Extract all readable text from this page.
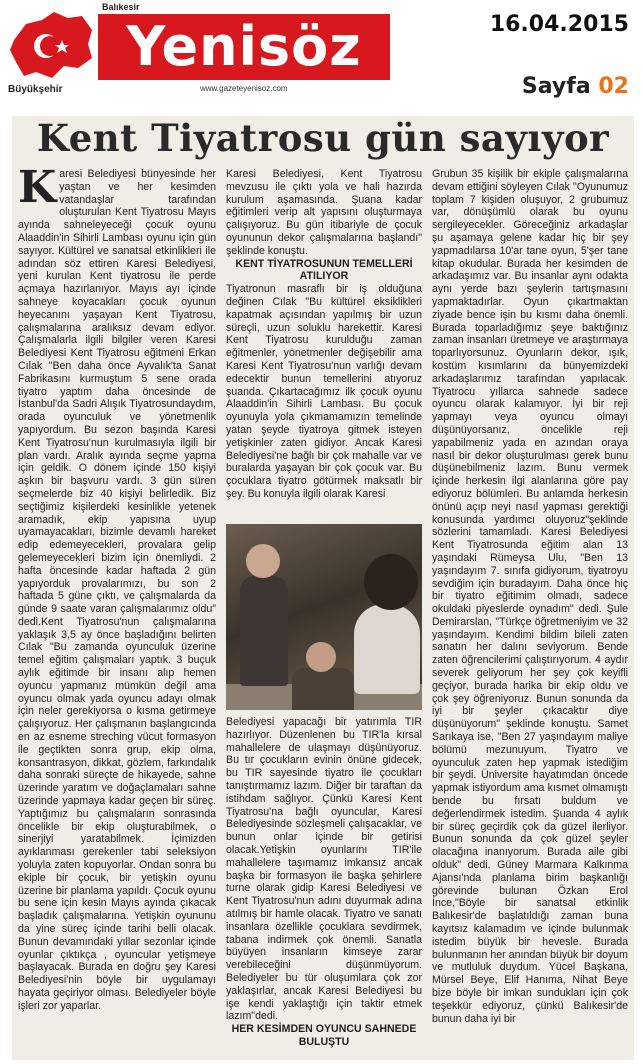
Balıkesir
Yenisöz
Büyükşehir	www.gazeteyenisoz.com
16.04.2015
Sayfa 02
Kent Tiyatrosu gün sayıyor

Karesi Belediyesi bünyesinde her yaştan ve her kesimden vatandaşlar tarafından oluşturulan Kent Tiyatrosu Mayıs ayında sahneleyeceği çocuk oyunu Alaaddin'in Sihirli Lambası oyunu için gün sayıyor. Kültürel ve sanatsal etkinlikleri ile adından söz ettiren Karesi Belediyesi, yeni kurulan Kent tiyatrosu ile perde açmaya hazırlanıyor. Mayıs ayı içinde sahneye koyacakları çocuk oyunun heyecanını yaşayan Kent Tiyatrosu, çalışmalarına aralıksız devam ediyor. Çalışmalarla ilgili bilgiler veren Karesi Belediyesi Kent Tiyatrosu eğitmeni Erkan Cılak "Ben daha önce Ayvalık'ta Sanat Fabrikasını kurmuştum 5 sene orada tiyatro yaptım daha öncesinde de İstanbul'da Sadri Alışık Tiyatrosundaydım, orada oyunculuk ve yönetmenlik yapıyordum. Bu sezon başında Karesi Kent Tiyatrosu'nun kurulmasıyla ilgili bir plan vardı. Aralık ayında seçme yapma için geldik. O dönem içinde 150 kişiyi aşkın bir başvuru vardı. 3 gün süren seçmelerde biz 40 kişiyi belirledik. Biz seçtiğimiz kişilerdeki kesinlikle yetenek aramadık, ekip yapısına uyup uyamayacakları, bizimle devamlı hareket edip edemeyecekleri, provalara gelip gelemeyecekleri bizim için önemliydi. 2 hafta öncesinde kadar haftada 2 gün yapıyorduk provalarımızı, bu son 2 haftada 5 güne çıktı, ve çalışmalarda da günde 9 saate varan çalışmalarımız oldu" dedi.Kent Tiyatrosu'nun çalışmalarına yaklaşık 3,5 ay önce başladığını belirten Cılak "Bu zamanda oyunculuk üzerine temel eğitim çalışmaları yaptık. 3 buçuk aylık eğitimde bir insanı alıp hemen oyuncu yapmanız mümkün değil ama oyuncu olmak yada oyuncu adayı olmak için neler gerekiyorsa o kısma getirmeye çalışıyoruz. Her çalışmanın başlangıcında en az esneme streching vücut formasyon ile geçtikten sonra grup, ekip olma, konsantrasyon, dikkat, gözlem, farkındalık daha sonraki süreçte de hikayede, sahne üzerinde yaratım ve doğaçlamaları sahne üzerinde yapmaya kadar geçen bir süreç. Yaptığımız bu çalışmaların sonrasında öncelikle bir ekip oluşturabilmek, o sinerjiyi yaratabilmek. İçimizden ayıklanması gerekenler tabi seleksiyon yoluyla zaten kopuyorlar. Ondan sonra bu ekiple bir çocuk, bir yetişkin oyunu üzerine bir planlama yapıldı. Çocuk oyunu bu sene için kesin Mayıs ayında çıkacak başladık çalışmalarına. Yetişkin oyununu da yine süreç içinde tarihi belli olacak. Bunun devamındaki yıllar sezonlar içinde oyunlar çıktıkça , oyuncular yetişmeye başlayacak. Burada en doğru şey Karesi Belediyesi'nin böyle bir uygulamayı hayata geçiriyor olması. Belediyeler böyle işleri zor yaparlar.

Karesi Belediyesi, Kent Tiyatrosu mevzusu ile çıktı yola ve hali hazırda kurulum aşamasında. Şuana kadar eğitimleri verip alt yapısını oluşturmaya çalışıyoruz. Bu gün itibariyle de çocuk oyununun dekor çalışmalarına başlandı" şeklinde konuştu.

KENT TİYATROSUNUN TEMELLERİ ATILIYOR

Tiyatronun masraflı bir iş olduğuna değinen Cılak "Bu kültürel eksiklikleri kapatmak açısından yapılmış bir uzun süreçli, uzun soluklu harekettir. Karesi Kent Tiyatrosu kurulduğu zaman eğitmenler, yönetmenler değişebilir ama Karesi Kent Tiyatrosu'nun varlığı devam edecektir bunun temellerini atıyoruz şuanda. Çıkartacağımız ilk çocuk oyunu Alaaddin'in Sihirli Lambası. Bu çocuk oyunuyla yola çıkmamamızın temelinde yatan şeyde tiyatroya gitmek isteyen yetişkinler zaten gidiyor. Ancak Karesi Belediyesi'ne bağlı bir çok mahalle var ve buralarda yaşayan bir çok çocuk var. Bu çocuklara tiyatro götürmek maksatlı bir şey. Bu konuyla ilgili olarak Karesi

Belediyesi yapacağı bir yatırımla TIR hazırlıyor. Düzenlenen bu TIR'la kırsal mahallelere de ulaşmayı düşünüyoruz. Bu tır çocukların evinin önüne gidecek, bu TIR sayesinde tiyatro ile çocukları tanıştırmamız lazım. Diğer bir taraftan da istihdam sağlıyor. Çünkü Karesi Kent Tiyatrosu'na bağlı oyuncular, Karesi Belediyesinde sözleşmeli çalışacaklar, ve bunun onlar içinde bir getirisi olacak.Yetişkin oyunlarını TIR'ile mahallelere taşımamız imkansız ancak başka bir formasyon ile başka şehirlere turne olarak gidip Karesi Belediyesi ve Kent Tiyatrosu'nun adını duyurmak adına atılmış bir hamle olacak. Tiyatro ve sanatı insanlara özellikle çocuklara sevdirmek, tabana indirmek çok önemli. Sanatla büyüyen insanların kimseye zarar verebileceğini düşünmüyorum. Belediyeler bu tür oluşumlara çok zor yaklaşırlar, ancak Karesi Belediyesi bu işe kendi yaklaştığı için taktir etmek lazım"dedi.

HER KESİMDEN OYUNCU SAHNEDE BULUŞTU

Grubun 35 kişilik bir ekiple çalışmalarına devam ettiğini söyleyen Cılak "Oyunumuz toplam 7 kişiden oluşuyor, 2 grubumuz var, dönüşümlü olarak bu oyunu sergileyecekler. Göreceğiniz arkadaşlar şu aşamaya gelene kadar hiç bir şey yapmadılarsa 10'ar tane oyun, 5'şer tane kitap okudular. Burada her kesimden de arkadaşımız var. Bu insanlar aynı odakta aynı yerde bazı şeylerin tartışmasını yapmaktadırlar. Oyun çıkartmaktan ziyade bence işin bu kısmı daha önemli. Burada toparladığımız şeye baktığınız zaman insanları üretmeye ve araştırmaya toparlıyorsunuz. Oyunların dekor, ışık, kostüm kısımlarını da bünyemizdeki arkadaşlarımız tarafından yapılacak. Tiyatrocu yıllarca sahnede sadece oyuncu olarak kalamıyor. İyi bir reji yapmayı veya oyuncu olmayı düşünüyorsanız, öncelikle reji yapabilmeniz yada en azından oraya nasıl bir dekor oluşturulması gerek bunu düşünebilmeniz lazım. Bunu vermek içinde herkesin ilgi alanlarına göre pay ediyoruz bölümleri. Bu anlamda herkesin önünü açıp neyi nasıl yapması gerektiği konusunda yardımcı oluyoruz"şeklinde sözlerini tamamladı. Karesi Belediyesi Kent Tiyatrosunda eğitim alan 13 yaşındaki Rümeysa Ulu, "Ben 13 yaşındayım 7. sınıfa gidiyorum, tiyatroyu sevdiğim için buradayım. Daha önce hiç bir tiyatro eğitimim olmadı, sadece okuldaki piyeslerde oynadım" dedi. Şule Demirarslan, "Türkçe öğretmeniyim ve 32 yaşındayım. Kendimi bildim bileli zaten sanatın her dalını seviyorum. Bende zaten öğrencilerimi çalıştırıyorum. 4 aydır severek geliyorum her şey çok keyifli geçiyor, burada harika bir ekip oldu ve çok şey öğreniyoruz. Bunun sonunda da iyi bir şeyler çıkacaktır diye düşünüyorum" şeklinde konuştu. Samet Sarıkaya ise, "Ben 27 yaşındayım maliye bölümü mezunuyum. Tiyatro ve oyunculuk zaten hep yapmak istediğim bir şeydi. Üniversite hayatımdan öncede yapmak istiyordum ama kısmet olmamıştı bende bu fırsatı buldum ve değerlendirmek istedim. Şuanda 4 aylık bir süreç geçirdik çok da güzel ilerliyor. Bunun sonunda da çok güzel şeyler olacağına inanıyorum. Burada aile gibi olduk" dedi. Güney Marmara Kalkınma Ajansı'nda planlama birim başkanlığı görevinde bulunan Özkan Erol İnce,"Böyle bir sanatsal etkinlik Balıkesir'de başlatıldığı zaman buna kayıtsız kalamadım ve içinde bulunmak istedim büyük bir hevesle. Burada bulunmanın her anından büyük bir doyum ve mutluluk duydum. Yücel Başkana, Mürsel Beye, Elif Hanıma, Nihat Beye bize böyle bir imkan sundukları için çok teşekkür ediyoruz, çünkü Balıkesir'de bunun daha iyi bir
